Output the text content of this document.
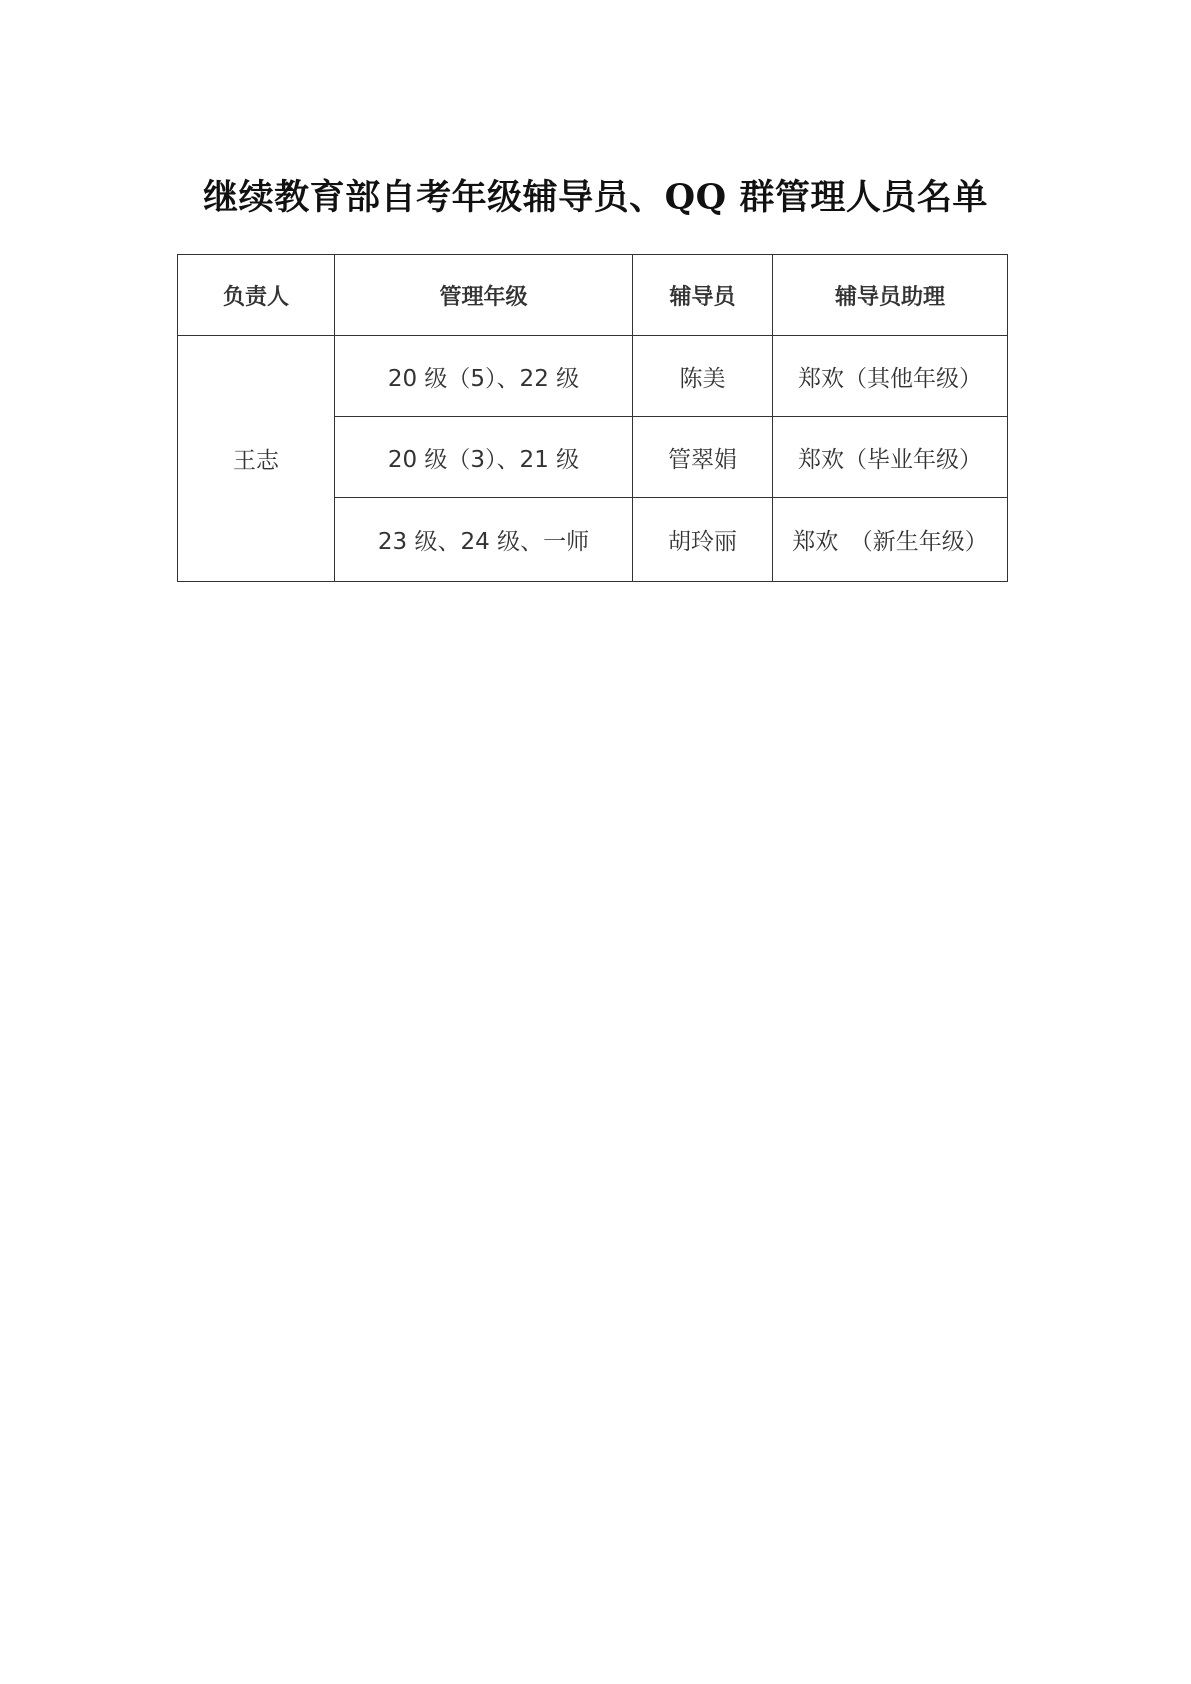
继续教育部自考年级辅导员、QQ 群管理人员名单
负责人	管理年级	辅导员	辅导员助理
王志	20 级（5）、22 级	陈美	郑欢（其他年级）
	20 级（3）、21 级	管翠娟	郑欢（毕业年级）
	23 级、24 级、一师	胡玲丽	郑欢　（新生年级）
